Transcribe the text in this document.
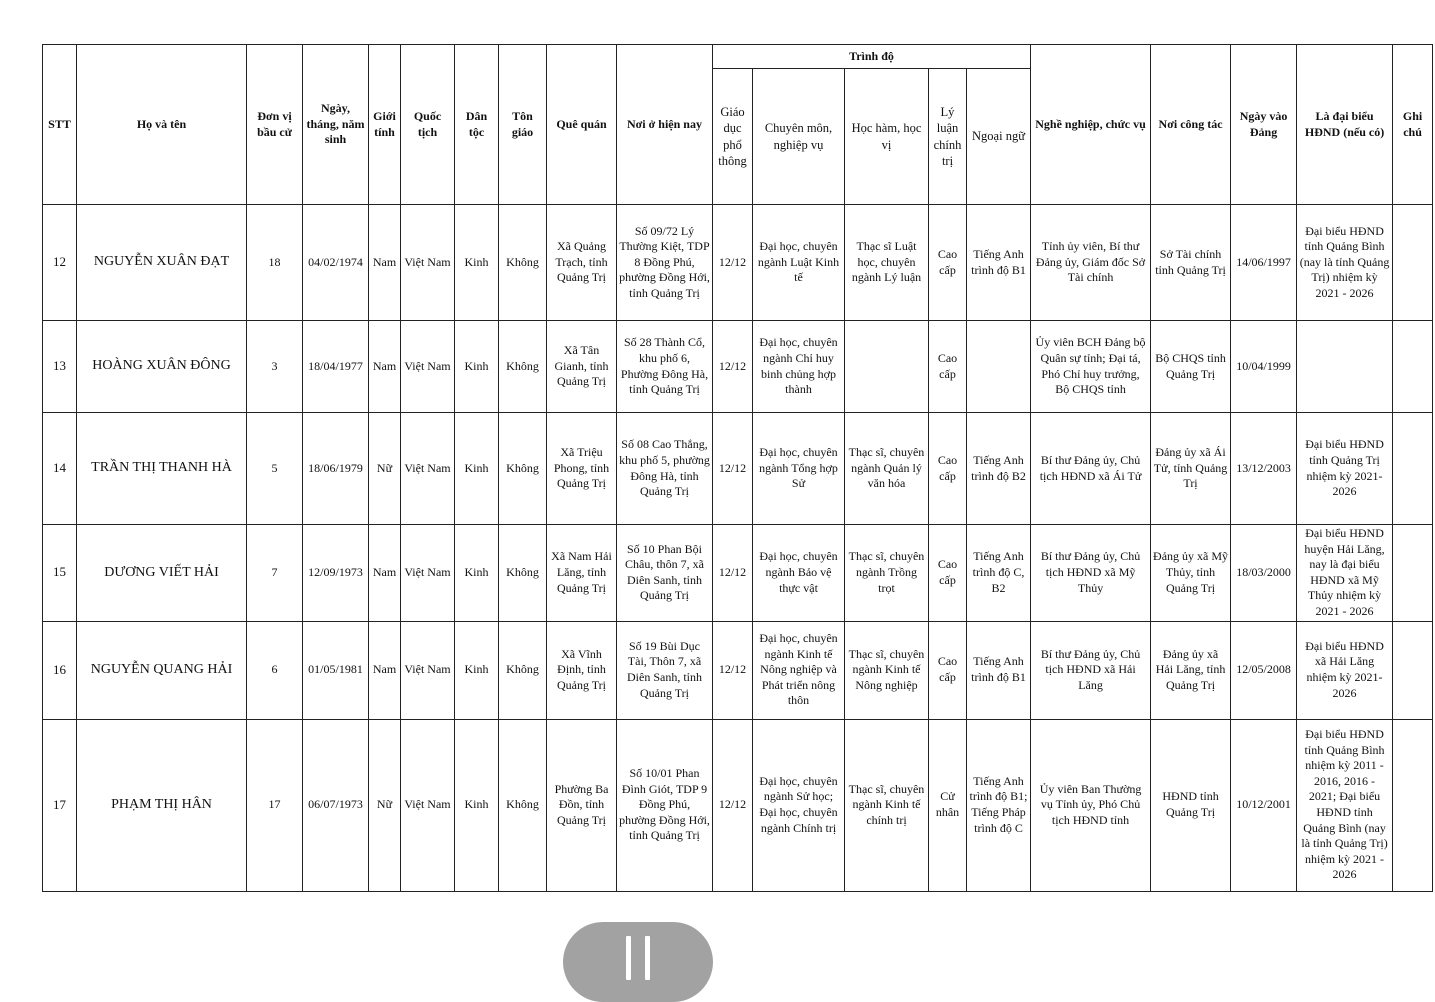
STT	Họ và tên	Đơn vị bầu cử	Ngày, tháng, năm sinh	Giới tính	Quốc tịch	Dân tộc	Tôn giáo	Quê quán	Nơi ở hiện nay	Trình độ					Nghề nghiệp, chức vụ	Nơi công tác	Ngày vào Đảng	Là đại biểu HĐND (nếu có)	Ghi chú
										Giáo dục phổ thông	Chuyên môn, nghiệp vụ	Học hàm, học vị	Lý luận chính trị	Ngoại ngữ					
12	NGUYỄN XUÂN ĐẠT	18	04/02/1974	Nam	Việt Nam	Kinh	Không	Xã Quảng Trạch, tỉnh Quảng Trị	Số 09/72 Lý Thường Kiệt, TDP 8 Đồng Phú, phường Đồng Hới, tỉnh Quảng Trị	12/12	Đại học, chuyên ngành Luật Kinh tế	Thạc sĩ Luật học, chuyên ngành Lý luận	Cao cấp	Tiếng Anh trình độ B1	Tỉnh ủy viên, Bí thư Đảng ủy, Giám đốc Sở Tài chính	Sở Tài chính tỉnh Quảng Trị	14/06/1997	Đại biểu HĐND tỉnh Quảng Bình (nay là tỉnh Quảng Trị) nhiệm kỳ 2021 - 2026	
13	HOÀNG XUÂN ĐÔNG	3	18/04/1977	Nam	Việt Nam	Kinh	Không	Xã Tân Gianh, tỉnh Quảng Trị	Số 28 Thành Cổ, khu phố 6, Phường Đông Hà, tỉnh Quảng Trị	12/12	Đại học, chuyên ngành Chỉ huy binh chủng hợp thành		Cao cấp		Ủy viên BCH Đảng bộ Quân sự tỉnh; Đại tá, Phó Chỉ huy trưởng, Bộ CHQS tỉnh	Bộ CHQS tỉnh Quảng Trị	10/04/1999		
14	TRẦN THỊ THANH HÀ	5	18/06/1979	Nữ	Việt Nam	Kinh	Không	Xã Triệu Phong, tỉnh Quảng Trị	Số 08 Cao Thắng, khu phố 5, phường Đông Hà, tỉnh Quảng Trị	12/12	Đại học, chuyên ngành Tổng hợp Sử	Thạc sĩ, chuyên ngành Quản lý văn hóa	Cao cấp	Tiếng Anh trình độ B2	Bí thư Đảng ủy, Chủ tịch HĐND xã Ái Tử	Đảng ủy xã Ái Tử, tỉnh Quảng Trị	13/12/2003	Đại biểu HĐND tỉnh Quảng Trị nhiệm kỳ 2021-2026	
15	DƯƠNG VIẾT HẢI	7	12/09/1973	Nam	Việt Nam	Kinh	Không	Xã Nam Hải Lăng, tỉnh Quảng Trị	Số 10 Phan Bội Châu, thôn 7, xã Diên Sanh, tỉnh Quảng Trị	12/12	Đại học, chuyên ngành Bảo vệ thực vật	Thạc sĩ, chuyên ngành Trồng trọt	Cao cấp	Tiếng Anh trình độ C, B2	Bí thư Đảng ủy, Chủ tịch HĐND xã Mỹ Thủy	Đảng ủy xã Mỹ Thủy, tỉnh Quảng Trị	18/03/2000	Đại biểu HĐND huyện Hải Lăng, nay là đại biểu HĐND xã Mỹ Thủy nhiệm kỳ 2021 - 2026	
16	NGUYỄN QUANG HẢI	6	01/05/1981	Nam	Việt Nam	Kinh	Không	Xã Vĩnh Định, tỉnh Quảng Trị	Số 19 Bùi Dục Tài, Thôn 7, xã Diên Sanh, tỉnh Quảng Trị	12/12	Đại học, chuyên ngành Kinh tế Nông nghiệp và Phát triển nông thôn	Thạc sĩ, chuyên ngành Kinh tế Nông nghiệp	Cao cấp	Tiếng Anh trình độ B1	Bí thư Đảng ủy, Chủ tịch HĐND xã Hải Lăng	Đảng ủy xã Hải Lăng, tỉnh Quảng Trị	12/05/2008	Đại biểu HĐND xã Hải Lăng nhiệm kỳ 2021-2026	
17	PHẠM THỊ HÂN	17	06/07/1973	Nữ	Việt Nam	Kinh	Không	Phường Ba Đồn, tỉnh Quảng Trị	Số 10/01 Phan Đình Giót, TDP 9 Đồng Phú, phường Đồng Hới, tỉnh Quảng Trị	12/12	Đại học, chuyên ngành Sử học; Đại học, chuyên ngành Chính trị	Thạc sĩ, chuyên ngành Kinh tế chính trị	Cử nhân	Tiếng Anh trình độ B1; Tiếng Pháp trình độ C	Ủy viên Ban Thường vụ Tỉnh ủy, Phó Chủ tịch HĐND tỉnh	HĐND tỉnh Quảng Trị	10/12/2001	Đại biểu HĐND tỉnh Quảng Bình nhiệm kỳ 2011 - 2016, 2016 - 2021; Đại biểu HĐND tỉnh Quảng Bình (nay là tỉnh Quảng Trị) nhiệm kỳ 2021 - 2026	
